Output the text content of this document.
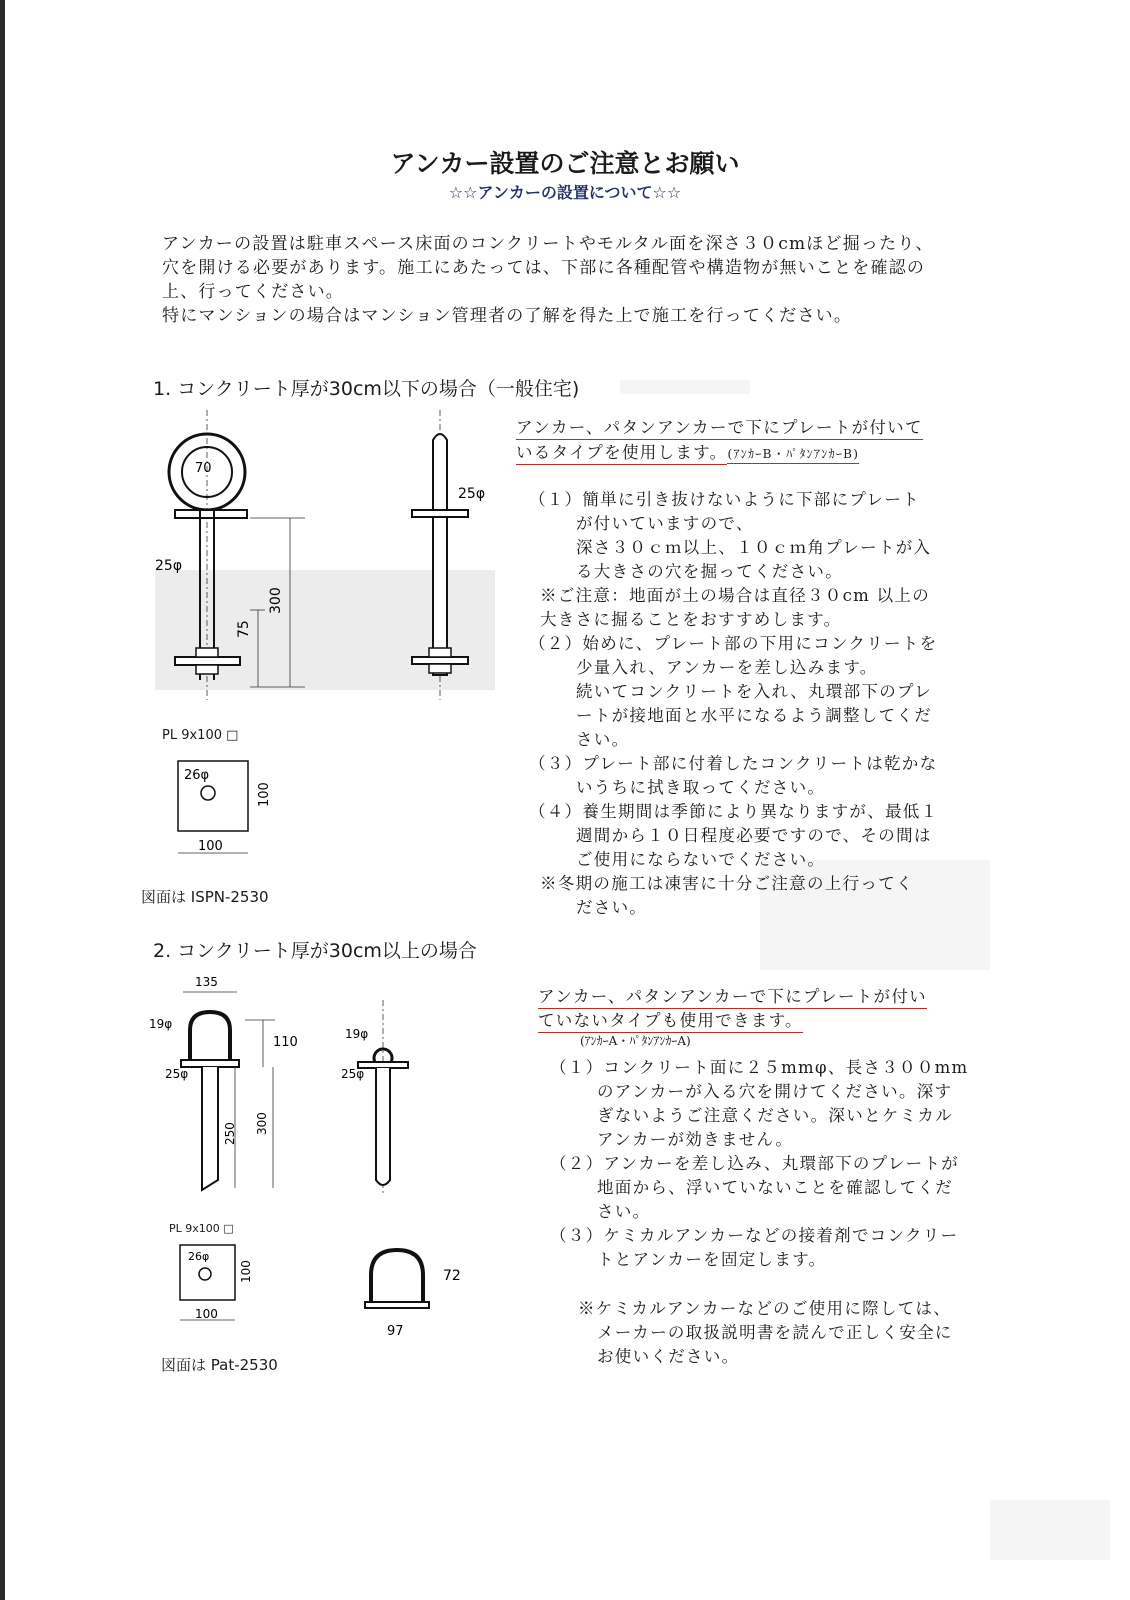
アンカー設置のご注意とお願い
☆☆アンカーの設置について☆☆
アンカーの設置は駐車スペース床面のコンクリートやモルタル面を深さ３０cmほど掘ったり、
穴を開ける必要があります。施工にあたっては、下部に各種配管や構造物が無いことを確認の
上、行ってください。
特にマンションの場合はマンション管理者の了解を得た上で施工を行ってください。
1. コンクリート厚が30cm以下の場合（一般住宅)
70
25φ
75
300
25φ
PL 9x100 □
26φ
100
100
図面は ISPN-2530
アンカー、パタンアンカーで下にプレートが付いて
いるタイプを使用します。(ｱﾝｶｰB・ﾊﾟﾀﾝｱﾝｶｰB)
（１）簡単に引き抜けないように下部にプレート
が付いていますので、
深さ３０ｃｍ以上、１０ｃｍ角プレートが入
る大きさの穴を掘ってください。
※ご注意：地面が土の場合は直径３０cm 以上の
大きさに掘ることをおすすめします。
（２）始めに、プレート部の下用にコンクリートを
少量入れ、アンカーを差し込みます。
続いてコンクリートを入れ、丸環部下のプレ
ートが接地面と水平になるよう調整してくだ
さい。
（３）プレート部に付着したコンクリートは乾かな
いうちに拭き取ってください。
（４）養生期間は季節により異なりますが、最低１
週間から１０日程度必要ですので、その間は
ご使用にならないでください。
※冬期の施工は凍害に十分ご注意の上行ってく
ださい。
2. コンクリート厚が30cm以上の場合
135
19φ
110
25φ
250 300
19φ
25φ
PL 9x100 □
26φ
100
100
72
97
図面は Pat-2530
アンカー、パタンアンカーで下にプレートが付い
ていないタイプも使用できます。
(ｱﾝｶｰA・ﾊﾟﾀﾝｱﾝｶｰA)
（１）コンクリート面に２５mmφ、長さ３００mm
のアンカーが入る穴を開けてください。深す
ぎないようご注意ください。深いとケミカル
アンカーが効きません。
（２）アンカーを差し込み、丸環部下のプレートが
地面から、浮いていないことを確認してくだ
さい。
（３）ケミカルアンカーなどの接着剤でコンクリー
トとアンカーを固定します。
※ケミカルアンカーなどのご使用に際しては、
メーカーの取扱説明書を読んで正しく安全に
お使いください。
